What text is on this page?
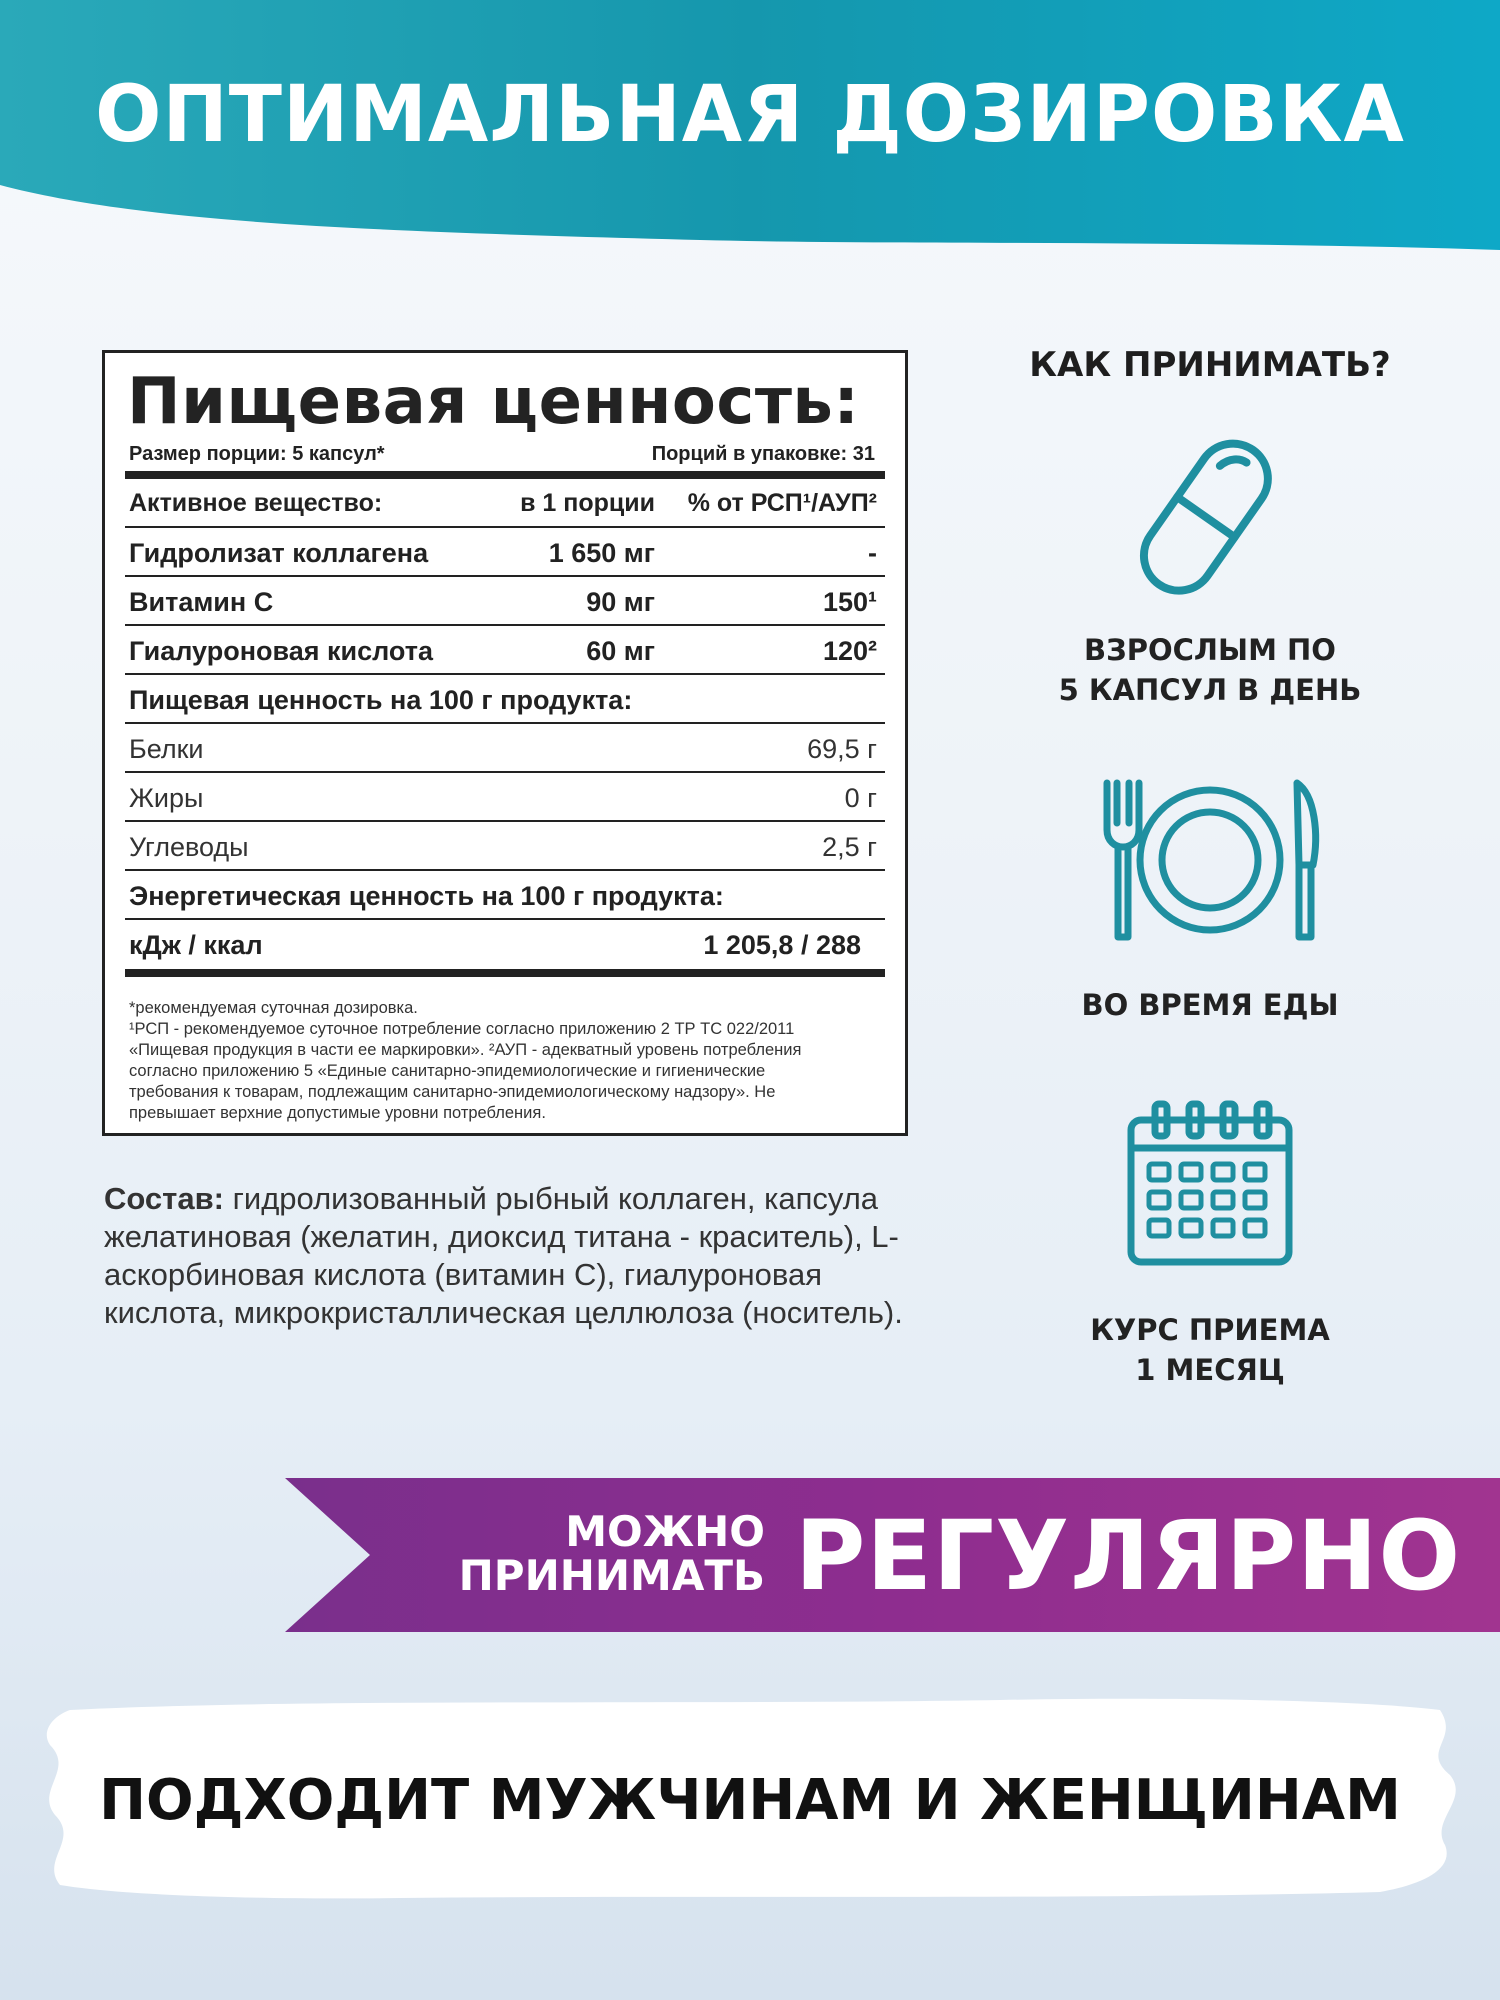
ОПТИМАЛЬНАЯ ДОЗИРОВКА
Пищевая ценность:
Размер порции: 5 капсул*	Порций в упаковке: 31
Активное вещество:	в 1 порции % от РСП¹/АУП²
Гидролизат коллагена	1 650 мг	-
Витамин С	90 мг	150¹
Гиалуроновая кислота	60 мг	120²
Пищевая ценность на 100 г продукта:
Белки	69,5 г
Жиры	0 г
Углеводы	2,5 г
Энергетическая ценность на 100 г продукта:
кДж / ккал	1 205,8 / 288

*рекомендуемая суточная дозировка.

¹РСП - рекомендуемое суточное потребление согласно приложению 2 ТР ТС 022/2011

«Пищевая продукция в части ее маркировки». ²АУП - адекватный уровень потребления

согласно приложению 5 «Единые санитарно-эпидемиологические и гигиенические

требования к товарам, подлежащим санитарно-эпидемиологическому надзору». Не

превышает верхние допустимые уровни потребления.

Состав: гидролизованный рыбный коллаген, капсула желатиновая (желатин, диоксид титана - краситель), L-аскорбиновая кислота (витамин С), гиалуроновая кислота, микрокристаллическая целлюлоза (носитель).
КАК ПРИНИМАТЬ?
ВЗРОСЛЫМ ПО
5 КАПСУЛ В ДЕНЬ
ВО ВРЕМЯ ЕДЫ
КУРС ПРИЕМА
1 МЕСЯЦ
МОЖНО
ПРИНИМАТЬ РЕГУЛЯРНО
ПОДХОДИТ МУЖЧИНАМ И ЖЕНЩИНАМ
